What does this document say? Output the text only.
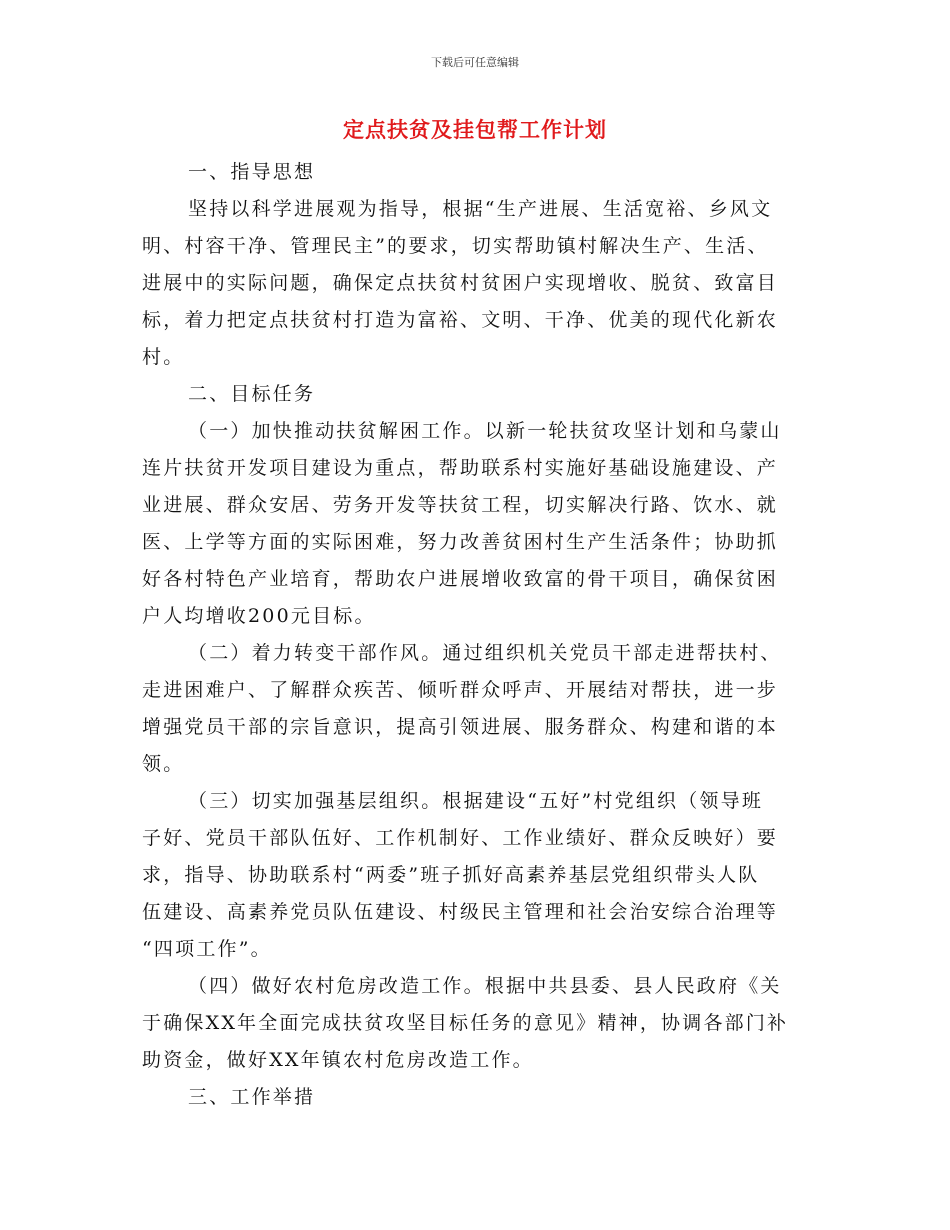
下载后可任意编辑
定点扶贫及挂包帮工作计划
一、指导思想
坚持以科学进展观为指导，根据“生产进展、生活宽裕、乡风文
明、村容干净、管理民主”的要求，切实帮助镇村解决生产、生活、
进展中的实际问题，确保定点扶贫村贫困户实现增收、脱贫、致富目
标，着力把定点扶贫村打造为富裕、文明、干净、优美的现代化新农
村。
二、目标任务
（一）加快推动扶贫解困工作。以新一轮扶贫攻坚计划和乌蒙山
连片扶贫开发项目建设为重点，帮助联系村实施好基础设施建设、产
业进展、群众安居、劳务开发等扶贫工程，切实解决行路、饮水、就
医、上学等方面的实际困难，努力改善贫困村生产生活条件；协助抓
好各村特色产业培育，帮助农户进展增收致富的骨干项目，确保贫困
户人均增收200元目标。
（二）着力转变干部作风。通过组织机关党员干部走进帮扶村、
走进困难户、了解群众疾苦、倾听群众呼声、开展结对帮扶，进一步
增强党员干部的宗旨意识，提高引领进展、服务群众、构建和谐的本
领。
（三）切实加强基层组织。根据建设“五好”村党组织（领导班
子好、党员干部队伍好、工作机制好、工作业绩好、群众反映好）要
求，指导、协助联系村“两委”班子抓好高素养基层党组织带头人队
伍建设、高素养党员队伍建设、村级民主管理和社会治安综合治理等
“四项工作”。
（四）做好农村危房改造工作。根据中共县委、县人民政府《关
于确保XX年全面完成扶贫攻坚目标任务的意见》精神，协调各部门补
助资金，做好XX年镇农村危房改造工作。
三、工作举措
